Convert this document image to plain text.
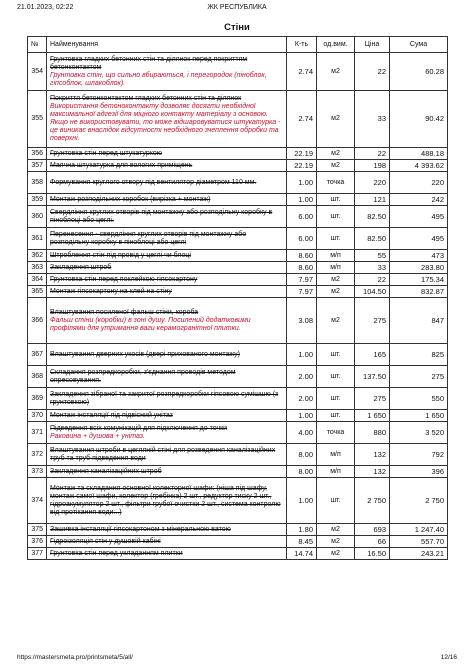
21.01.2023, 02:22	ЖК РЕСПУБЛИКА
Стіни
№	Найменування	К-ть	од.вим.	Ціна	Сума
354	Грунтовка гладких бетонних стін та ділянок перед покриттям бетонконтактом
Грунтовка стін, що сильно вбираються, і перегородок (піноблок, гіпсоблок, шлакоблок).	2.74	м2	22	60.28
355	Покриття бетонконтактом гладких бетонних стін та ділянок
Використання бетоноконтакту дозволяє досягти необхідної максимальної адгезії для міцного контакту матеріалу з основою. Якщо не використовувати, то може відшаровуватися штукатурка - це виникає внаслідок відсутності необхідного зчеплення обробки та поверхні.	2.74	м2	33	90.42
356	Грунтовка стін перед штукатуркою	22.19	м2	22	488.18
357	Маячна штукатурка для вологих приміщень	22.19	м2	198	4 393.62
358	Формування круглого отвору під вентилятор діаметром 110 мм.	1.00	точка	220	220
359	Монтаж розподільних коробок (вирізка + монтаж)	1.00	шт.	121	242
360	Свердління круглих отворів під монтажну або розподільну коробку в піноблоці або цеглі.	6.00	шт.	82.50	495
361	Перенесення - свердління круглих отворів під монтажну або розподільну коробку в піноблоці або цеглі	6.00	шт.	82.50	495
362	Штроблення стін під провід у цеглі чи блоці	8.60	м/п	55	473
363	Закладення штроб	8.60	м/п	33	283.80
364	Грунтовка стін перед поклейкою гіпсокартону	7.97	м2	22	175.34
365	Монтаж гіпсокартону на клей на стіну	7.97	м2	104.50	832.87
366	Влаштування посиленої фальш стіни, короба
Фальш стіни (коробки) в зоні душу. Посилений додатковими профілями для утримання ваги керамогранітної плитки.	3.08	м2	275	847
367	Влаштування дверних укосів (двері прихованого монтажу)	1.00	шт.	165	825
368	Складання розпредкоробки, з'єднання проводів методом опресовування.	2.00	шт.	137.50	275
369	Закладення зібраної та закритої розпредкоробки гіпсовою сумішшю (з грунтовкою)	2.00	шт.	275	550
370	Монтаж інсталяції під підвісний унітаз	1.00	шт.	1 650	1 650
371	Підведення всіх комунікацій для підключення до точки
Раковина + душова + унітаз.	4.00	точка	880	3 520
372	Влаштування штроби в цегляній стіні для розведення каналізаційних труб та труб підведення води	8.00	м/п	132	792
373	Закладення каналізаційних штроб	8.00	м/п	132	396
374	Монтаж та складання основної колекторної шафи: (ніша під шафу, монтаж самої шафи, колектор (гребінка) 2 шт., редуктор тиску 2 шт., гідроакумулятор 2 шт., фільтри грубої очистки 2 шт., система контролю від протікання води...)	1.00	шт.	2 750	2 750
375	Зашивка інсталяції гіпсокартоном з мінеральною ватою	1.80	м2	693	1 247.40
376	Гідроізоляція стін у душовій кабіні	8.45	м2	66	557.70
377	Грунтовка стін перед укладанням плитки	14.74	м2	16.50	243.21
https://mastersmeta.pro/printsmeta/5/all/	12/16
